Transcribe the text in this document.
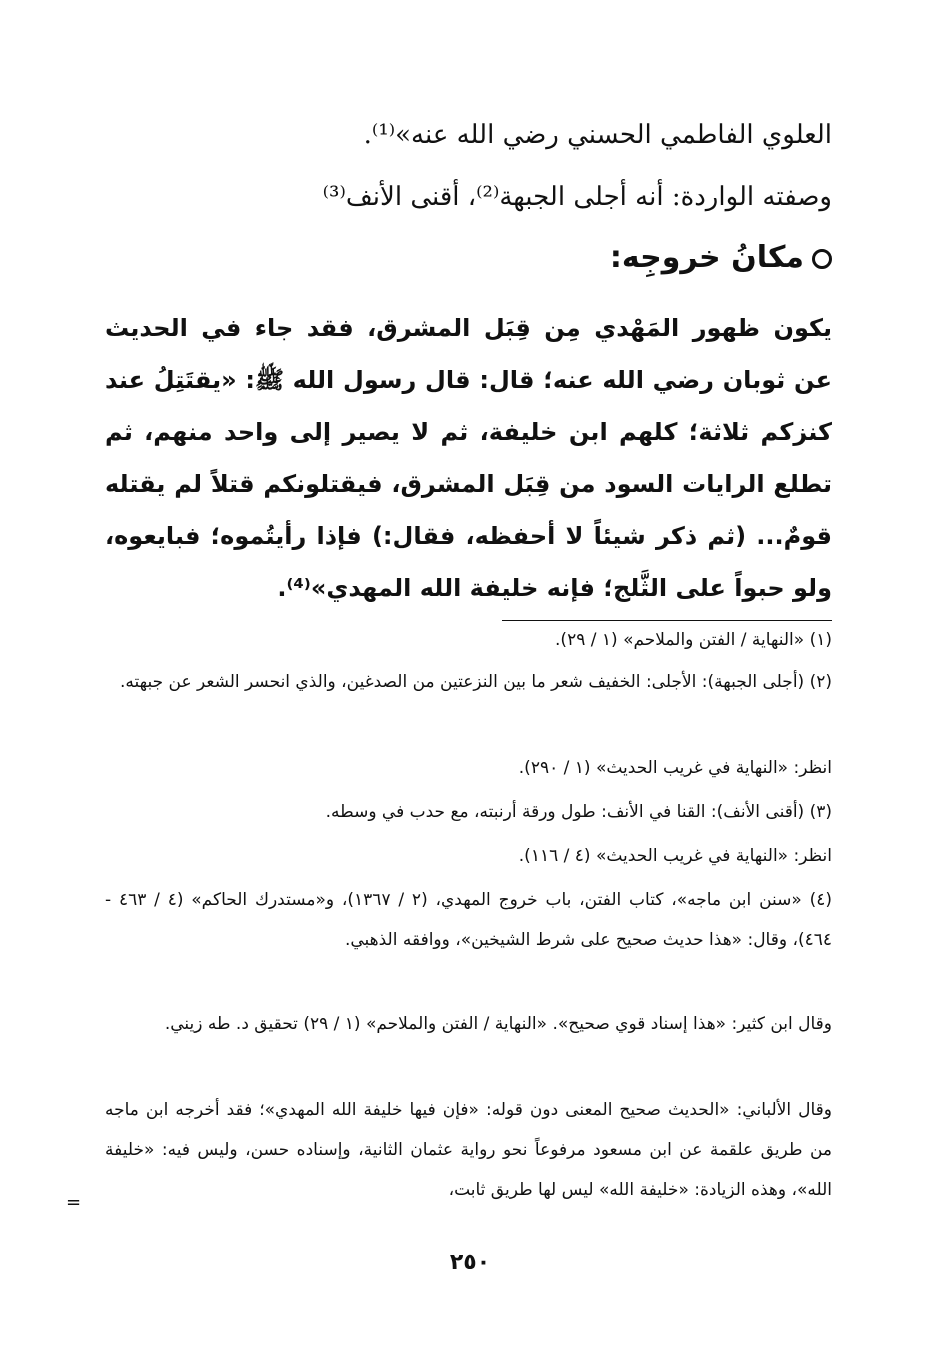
العلوي الفاطمي الحسني رضي الله عنه»⁽¹⁾.
وصفته الواردة: أنه أجلى الجبهة⁽²⁾، أقنى الأنف⁽³⁾
مكانُ خروجِه:
يكون ظهور المَهْدي مِن قِبَل المشرق، فقد جاء في الحديث عن ثوبان رضي الله عنه؛ قال: قال رسول الله ﷺ: «يقتَتِلُ عند كنزكم ثلاثة؛ كلهم ابن خليفة، ثم لا يصير إلى واحد منهم، ثم تطلع الرايات السود من قِبَل المشرق، فيقتلونكم قتلاً لم يقتله قومٌ... (ثم ذكر شيئاً لا أحفظه، فقال:) فإذا رأيتُموه؛ فبايعوه، ولو حبواً على الثَّلج؛ فإنه خليفة الله المهدي»⁽⁴⁾.
(١) «النهاية / الفتن والملاحم» (١ / ٢٩).
(٢) (أجلى الجبهة): الأجلى: الخفيف شعر ما بين النزعتين من الصدغين، والذي انحسر الشعر عن جبهته.
انظر: «النهاية في غريب الحديث» (١ / ٢٩٠).
(٣) (أقنى الأنف): القنا في الأنف: طول ورقة أرنبته، مع حدب في وسطه.
انظر: «النهاية في غريب الحديث» (٤ / ١١٦).
(٤) «سنن ابن ماجه»، كتاب الفتن، باب خروج المهدي، (٢ / ١٣٦٧)، و«مستدرك الحاكم» (٤ / ٤٦٣ - ٤٦٤)، وقال: «هذا حديث صحيح على شرط الشيخين»، ووافقه الذهبي.
وقال ابن كثير: «هذا إسناد قوي صحيح». «النهاية / الفتن والملاحم» (١ / ٢٩) تحقيق د. طه زيني.
وقال الألباني: «الحديث صحيح المعنى دون قوله: «فإن فيها خليفة الله المهدي»؛ فقد أخرجه ابن ماجه من طريق علقمة عن ابن مسعود مرفوعاً نحو رواية عثمان الثانية، وإسناده حسن، وليس فيه: «خليفة الله»، وهذه الزيادة: «خليفة الله» ليس لها طريق ثابت،
=
٢٥٠
